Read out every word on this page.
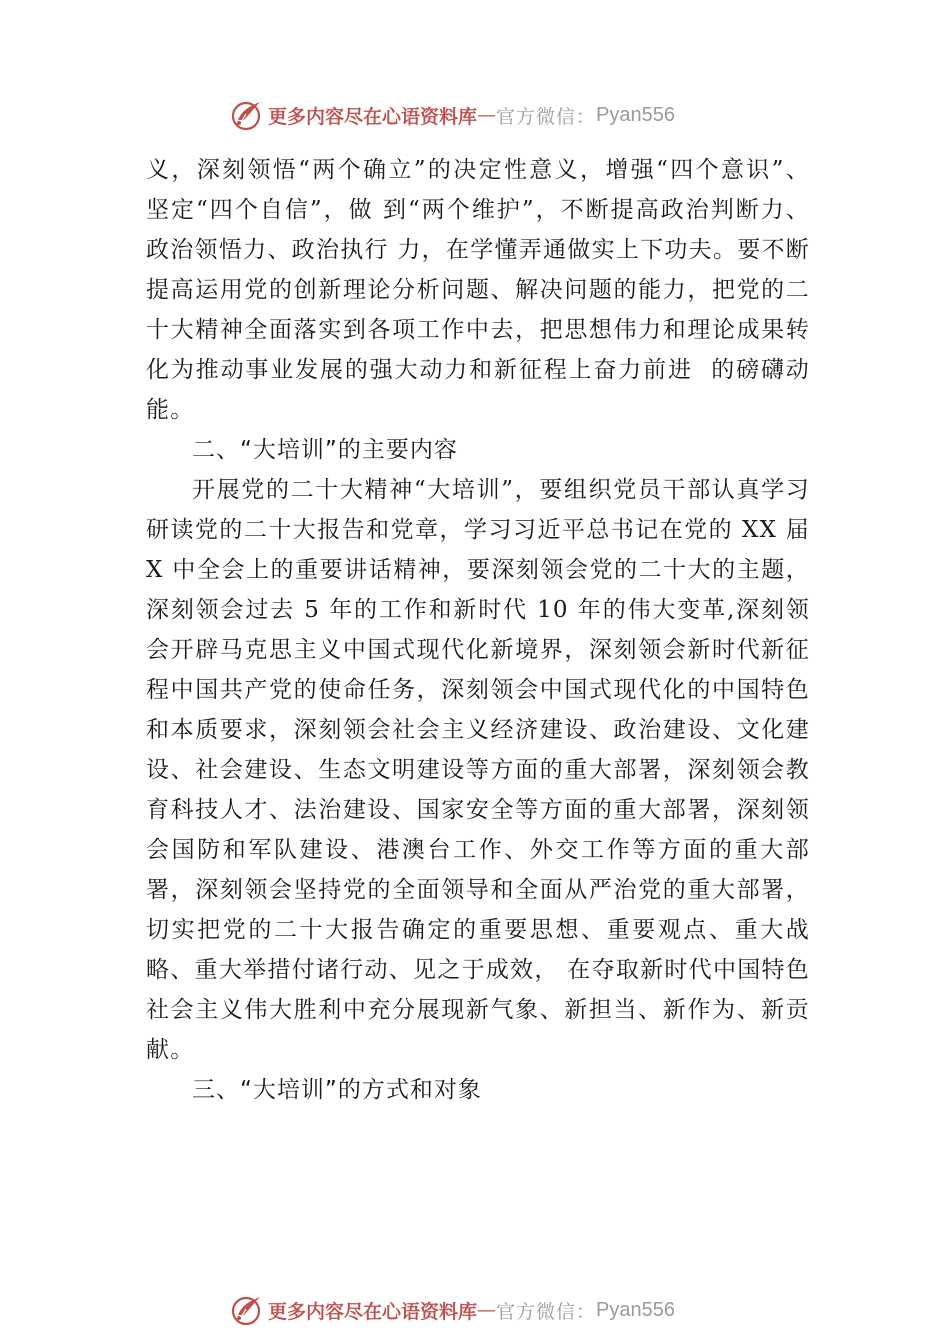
更多内容尽在心语资料库 — 官方微信： Pyan556

义，深刻领悟“两个确立”的决定性意义，增强“四个意识”、 坚定“四个自信”，做 到“两个维护”，不断提高政治判断力、政治领悟力、政治执行 力，在学懂弄通做实上下功夫。要不断提高运用党的创新理论分析问题、解决问题的能力，把党的二十大精神全面落实到各项工作中去，把思想伟力和理论成果转化为推动事业发展的强大动力和新征程上奋力前进  的磅礴动能。

二、“大培训”的主要内容

开展党的二十大精神“大培训”，要组织党员干部认真学习研读党的二十大报告和党章，学习习近平总书记在党的 XX 届 X 中全会上的重要讲话精神，要深刻领会党的二十大的主题，深刻领会过去 5 年的工作和新时代 10 年的伟大变革,深刻领会开辟马克思主义中国式现代化新境界，深刻领会新时代新征程中国共产党的使命任务，深刻领会中国式现代化的中国特色和本质要求，深刻领会社会主义经济建设、政治建设、文化建设、社会建设、生态文明建设等方面的重大部署，深刻领会教育科技人才、法治建设、国家安全等方面的重大部署，深刻领会国防和军队建设、港澳台工作、外交工作等方面的重大部署，深刻领会坚持党的全面领导和全面从严治党的重大部署，切实把党的二十大报告确定的重要思想、重要观点、重大战略、重大举措付诸行动、见之于成效， 在夺取新时代中国特色社会主义伟大胜利中充分展现新气象、新担当、新作为、新贡献。

三、“大培训”的方式和对象

更多内容尽在心语资料库 — 官方微信： Pyan556
